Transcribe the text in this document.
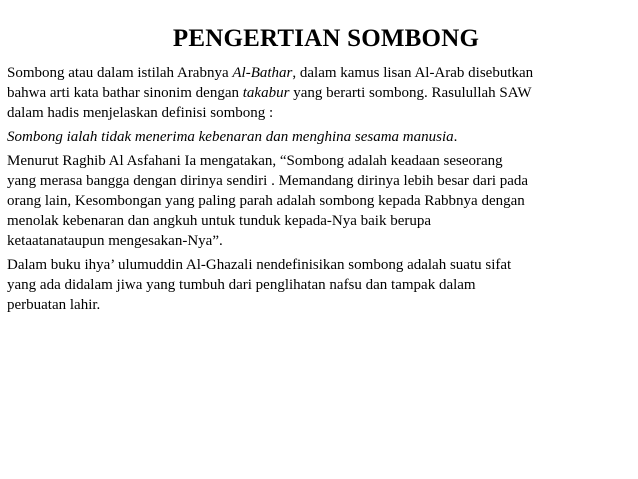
PENGERTIAN SOMBONG
Sombong atau dalam istilah Arabnya Al-Bathar, dalam kamus lisan Al-Arab disebutkan
bahwa arti kata bathar sinonim dengan takabur yang berarti sombong. Rasulullah SAW
dalam hadis menjelaskan definisi sombong :
Sombong ialah tidak menerima kebenaran dan menghina sesama manusia.
Menurut Raghib Al Asfahani Ia mengatakan, “Sombong adalah keadaan seseorang
yang merasa bangga dengan dirinya sendiri . Memandang dirinya lebih besar dari pada
orang lain, Kesombongan yang paling parah adalah sombong kepada Rabbnya dengan
menolak kebenaran dan angkuh untuk tunduk kepada-Nya baik berupa
ketaatanataupun mengesakan-Nya”.
Dalam buku ihya’ ulumuddin Al-Ghazali nendefinisikan sombong adalah suatu sifat
yang ada didalam jiwa yang tumbuh dari penglihatan nafsu dan tampak dalam
perbuatan lahir.
